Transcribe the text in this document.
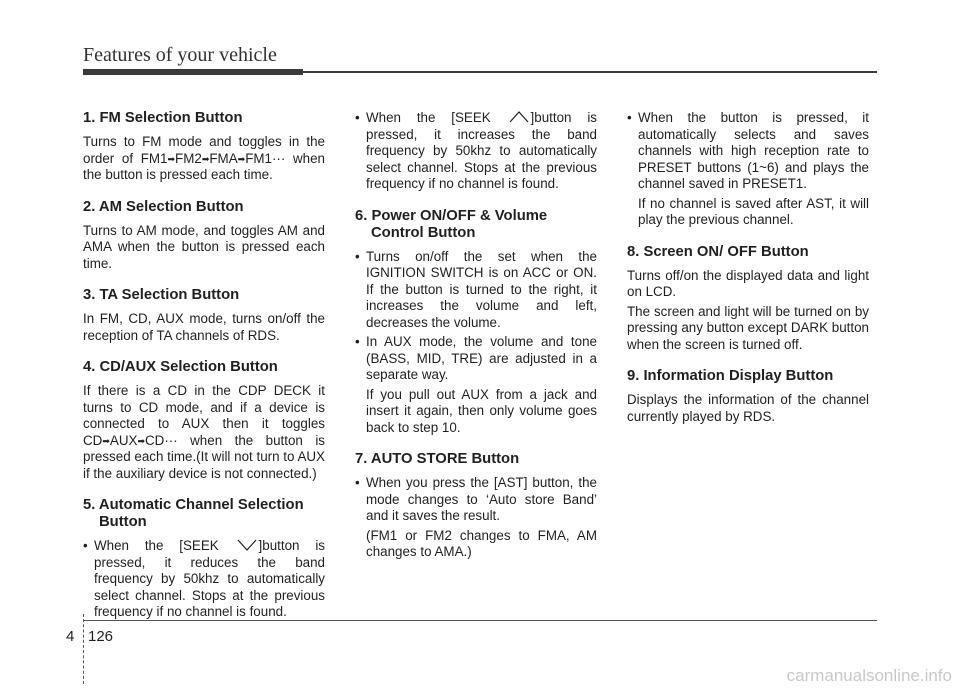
Features of your vehicle
1. FM Selection Button

Turns to FM mode and toggles in the order of FM1➡FM2➡FMA➡FM1··· when the button is pressed each time.

2. AM Selection Button

Turns to AM mode, and toggles AM and AMA when the button is pressed each time.

3. TA Selection Button

In FM, CD, AUX mode, turns on/off the reception of TA channels of RDS.

4. CD/AUX Selection Button

If there is a CD in the CDP DECK it turns to CD mode, and if a device is connected to AUX then it toggles CD➡AUX➡CD··· when the button is pressed each time.(It will not turn to AUX if the auxiliary device is not connected.)

5. Automatic Channel Selection Button
• When the [SEEK ]button is pressed, it reduces the band frequency by 50khz to automatically select channel. Stops at the previous frequency if no channel is found.
• When the [SEEK ]button is pressed, it increases the band frequency by 50khz to automatically select channel. Stops at the previous frequency if no channel is found.
6. Power ON/OFF & Volume Control Button
• Turns on/off the set when the IGNITION SWITCH is on ACC or ON. If the button is turned to the right, it increases the volume and left, decreases the volume.
• In AUX mode, the volume and tone (BASS, MID, TRE) are adjusted in a separate way.
If you pull out AUX from a jack and insert it again, then only volume goes back to step 10.
7. AUTO STORE Button
• When you press the [AST] button, the mode changes to ‘Auto store Band’ and it saves the result.
(FM1 or FM2 changes to FMA, AM changes to AMA.)
• When the button is pressed, it automatically selects and saves channels with high reception rate to PRESET buttons (1~6) and plays the channel saved in PRESET1.
If no channel is saved after AST, it will play the previous channel.
8. Screen ON/ OFF Button

Turns off/on the displayed data and light on LCD.

The screen and light will be turned on by pressing any button except DARK button when the screen is turned off.

9. Information Display Button

Displays the information of the channel currently played by RDS.

4 126
carmanualsonline.info
